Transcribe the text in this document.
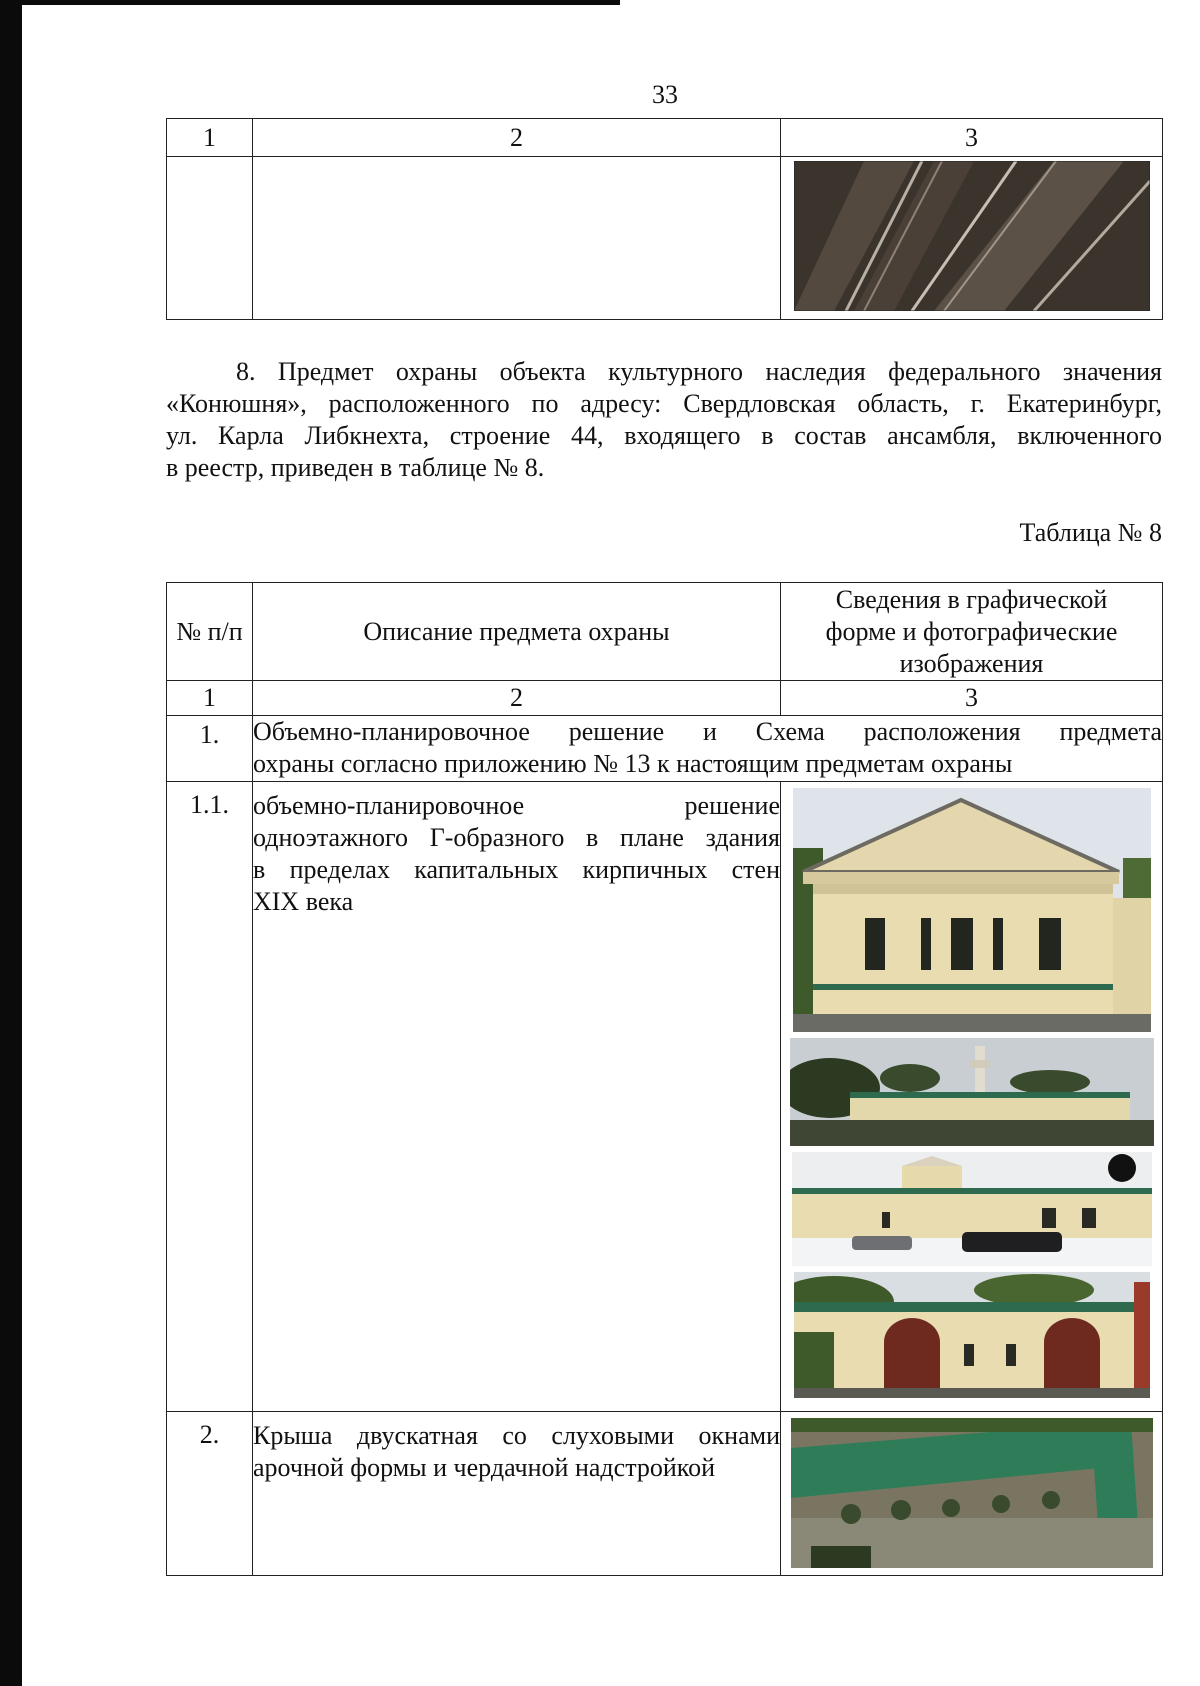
33
1	2	3

8. Предмет охраны объекта культурного наследия федерального значения
«Конюшня», расположенного по адресу: Свердловская область, г. Екатеринбург,
ул. Карла Либкнехта, строение 44, входящего в состав ансамбля, включенного
в реестр, приведен в таблице № 8.
Таблица № 8
№ п/п	Описание предмета охраны	Сведения в графической форме и фотографические изображения
1	2	3
1.	Объемно-планировочное решение и Схема расположения предмета
охраны согласно приложению № 13 к настоящим предметам охраны	

1.1.	объемно-планировочное решение
одноэтажного Г-образного в плане здания
в пределах капитальных кирпичных стен
XIX века

2.	Крыша двускатная со слуховыми окнами
арочной формы и чердачной надстройкой
